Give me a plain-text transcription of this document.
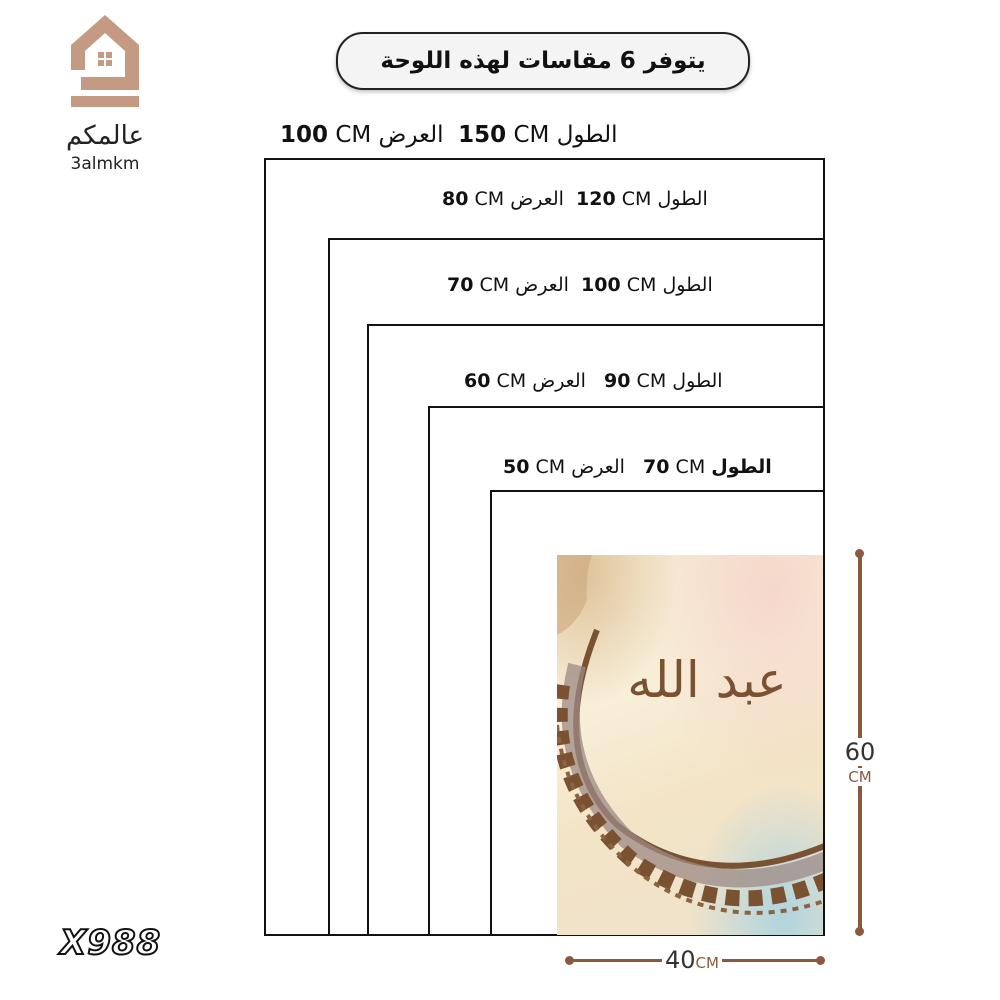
عالمكم
3almkm
يتوفر 6 مقاسات لهذه اللوحة
100
CM
العرض
150
CM
الطول
80
CM
العرض
120
CM
الطول
70
CM
العرض
100
CM
الطول
60
CM
العرض
90
CM
الطول
50
CM
العرض
70
CM
الطول
عبد الله
60
CM
40 CM
X988
